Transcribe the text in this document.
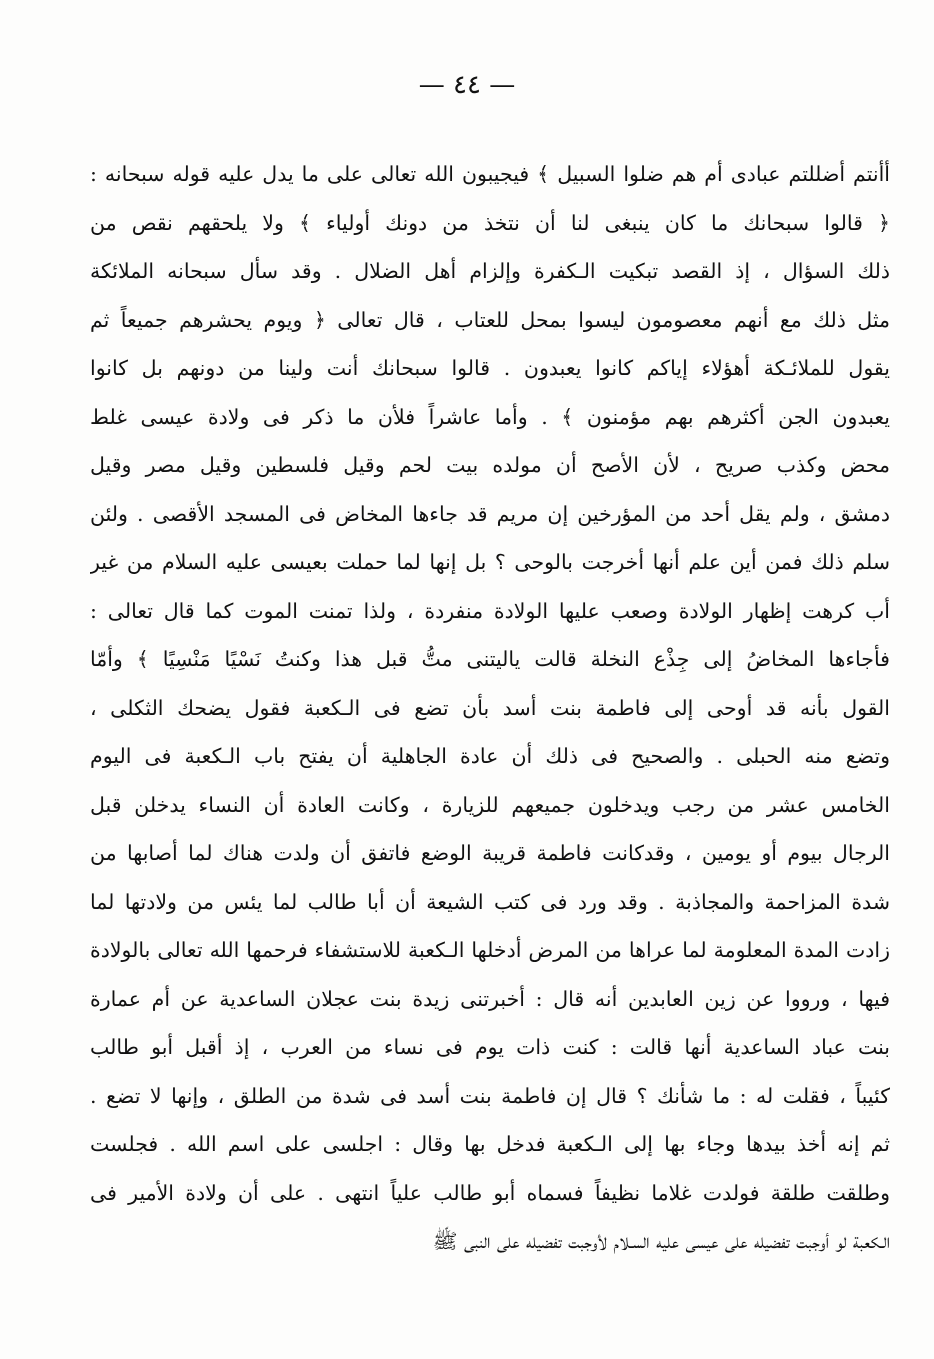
— ٤٤ —
أأنتم أضللتم عبادى أم هم ضلوا السبيل ﴾ فيجيبون الله تعالى على ما يدل عليه قوله سبحانه :
﴿ قالوا سبحانك ما كان ينبغى لنا أن نتخذ من دونك أولياء ﴾ ولا يلحقهم نقص من
ذلك السؤال ، إذ القصد تبكيت الـكفرة وإلزام أهل الضلال . وقد سأل سبحانه الملائكة
مثل ذلك مع أنهم معصومون ليسوا بمحل للعتاب ، قال تعالى ﴿ ويوم يحشرهم جميعاً ثم
يقول للملائـكة أهؤلاء إياكم كانوا يعبدون . قالوا سبحانك أنت ولينا من دونهم بل كانوا
يعبدون الجن أكثرهم بهم مؤمنون ﴾ . وأما عاشراً فلأن ما ذكر فى ولادة عيسى غلط
محض وكذب صريح ، لأن الأصح أن مولده بيت لحم وقيل فلسطين وقيل مصر وقيل
دمشق ، ولم يقل أحد من المؤرخين إن مريم قد جاءها المخاض فى المسجد الأقصى . ولئن
سلم ذلك فمن أين علم أنها أخرجت بالوحى ؟ بل إنها لما حملت بعيسى عليه السلام من غير
أب كرهت إظهار الولادة وصعب عليها الولادة منفردة ، ولذا تمنت الموت كما قال تعالى :
فأجاءها المخاضُ إلى جِذْع النخلة قالت ياليتنى متُّ قبل هذا وكنتُ نَسْيًا مَنْسِيًا ﴾ وأمّا
القول بأنه قد أوحى إلى فاطمة بنت أسد بأن تضع فى الـكعبة فقول يضحك الثكلى ،
وتضع منه الحبلى . والصحيح فى ذلك أن عادة الجاهلية أن يفتح باب الـكعبة فى اليوم
الخامس عشر من رجب ويدخلون جميعهم للزيارة ، وكانت العادة أن النساء يدخلن قبل
الرجال بيوم أو يومين ، وقدكانت فاطمة قريبة الوضع فاتفق أن ولدت هناك لما أصابها من
شدة المزاحمة والمجاذبة . وقد ورد فى كتب الشيعة أن أبا طالب لما يئس من ولادتها لما
زادت المدة المعلومة لما عراها من المرض أدخلها الـكعبة للاستشفاء فرحمها الله تعالى بالولادة
فيها ، ورووا عن زين العابدين أنه قال : أخبرتنى زيدة بنت عجلان الساعدية عن أم عمارة
بنت عباد الساعدية أنها قالت : كنت ذات يوم فى نساء من العرب ، إذ أقبل أبو طالب
كئيباً ، فقلت له : ما شأنك ؟ قال إن فاطمة بنت أسد فى شدة من الطلق ، وإنها لا تضع .
ثم إنه أخذ بيدها وجاء بها إلى الـكعبة فدخل بها وقال : اجلسى على اسم الله . فجلست
وطلقت طلقة فولدت غلاما نظيفاً فسماه أبو طالب علياً انتهى . على أن ولادة الأمير فى
الـكعبة لو أوجبت تفضيله على عيسى عليه السـلام لأوجبت تفضيله على النبى ﷺ
